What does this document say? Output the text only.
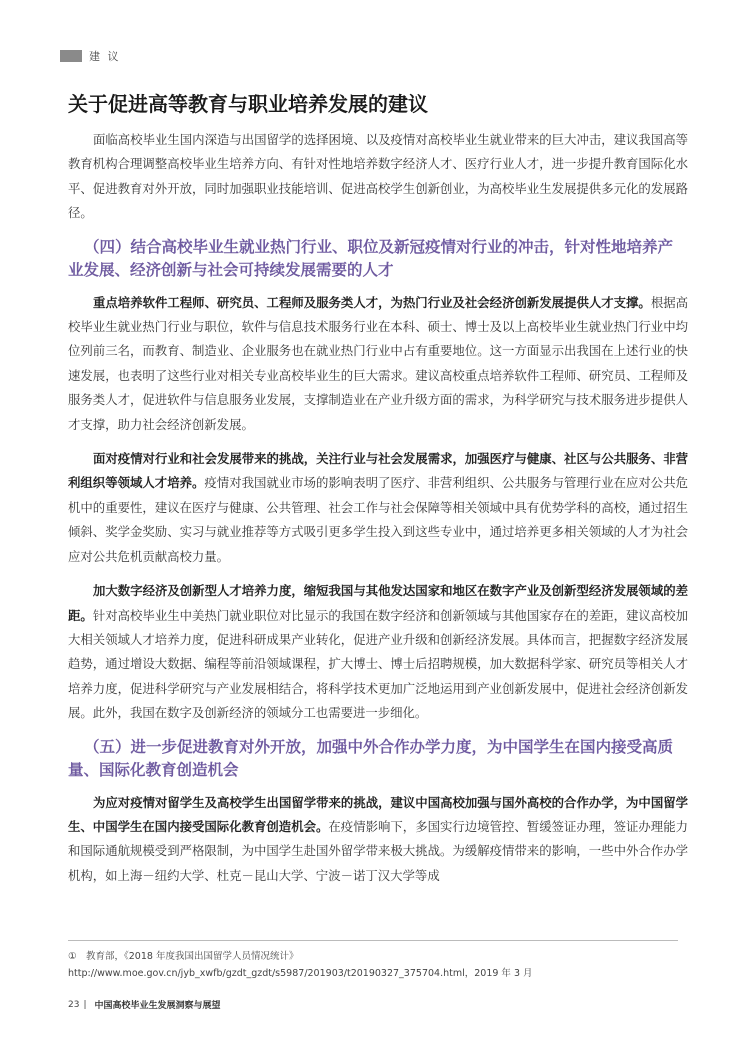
建 议
关于促进高等教育与职业培养发展的建议

面临高校毕业生国内深造与出国留学的选择困境、以及疫情对高校毕业生就业带来的巨大冲击，建议我国高等教育机构合理调整高校毕业生培养方向、有针对性地培养数字经济人才、医疗行业人才，进一步提升教育国际化水平、促进教育对外开放，同时加强职业技能培训、促进高校学生创新创业，为高校毕业生发展提供多元化的发展路径。

（四）结合高校毕业生就业热门行业、职位及新冠疫情对行业的冲击，针对性地培养产业发展、经济创新与社会可持续发展需要的人才

重点培养软件工程师、研究员、工程师及服务类人才，为热门行业及社会经济创新发展提供人才支撑。根据高校毕业生就业热门行业与职位，软件与信息技术服务行业在本科、硕士、博士及以上高校毕业生就业热门行业中均位列前三名，而教育、制造业、企业服务也在就业热门行业中占有重要地位。这一方面显示出我国在上述行业的快速发展，也表明了这些行业对相关专业高校毕业生的巨大需求。建议高校重点培养软件工程师、研究员、工程师及服务类人才，促进软件与信息服务业发展，支撑制造业在产业升级方面的需求，为科学研究与技术服务进步提供人才支撑，助力社会经济创新发展。

面对疫情对行业和社会发展带来的挑战，关注行业与社会发展需求，加强医疗与健康、社区与公共服务、非营利组织等领域人才培养。疫情对我国就业市场的影响表明了医疗、非营利组织、公共服务与管理行业在应对公共危机中的重要性，建议在医疗与健康、公共管理、社会工作与社会保障等相关领域中具有优势学科的高校，通过招生倾斜、奖学金奖励、实习与就业推荐等方式吸引更多学生投入到这些专业中，通过培养更多相关领域的人才为社会应对公共危机贡献高校力量。

加大数字经济及创新型人才培养力度，缩短我国与其他发达国家和地区在数字产业及创新型经济发展领域的差距。针对高校毕业生中美热门就业职位对比显示的我国在数字经济和创新领域与其他国家存在的差距，建议高校加大相关领域人才培养力度，促进科研成果产业转化，促进产业升级和创新经济发展。具体而言，把握数字经济发展趋势，通过增设大数据、编程等前沿领域课程，扩大博士、博士后招聘规模，加大数据科学家、研究员等相关人才培养力度，促进科学研究与产业发展相结合，将科学技术更加广泛地运用到产业创新发展中，促进社会经济创新发展。此外，我国在数字及创新经济的领域分工也需要进一步细化。

（五）进一步促进教育对外开放，加强中外合作办学力度，为中国学生在国内接受高质量、国际化教育创造机会

为应对疫情对留学生及高校学生出国留学带来的挑战，建议中国高校加强与国外高校的合作办学，为中国留学生、中国学生在国内接受国际化教育创造机会。在疫情影响下，多国实行边境管控、暂缓签证办理，签证办理能力和国际通航规模受到严格限制，为中国学生赴国外留学带来极大挑战。为缓解疫情带来的影响，一些中外合作办学机构，如上海－纽约大学、杜克－昆山大学、宁波－诺丁汉大学等成

①　教育部，《2018 年度我国出国留学人员情况统计》http://www.moe.gov.cn/jyb_xwfb/gzdt_gzdt/s5987/201903/t20190327_375704.html，2019 年 3 月
23 | 中国高校毕业生发展洞察与展望
